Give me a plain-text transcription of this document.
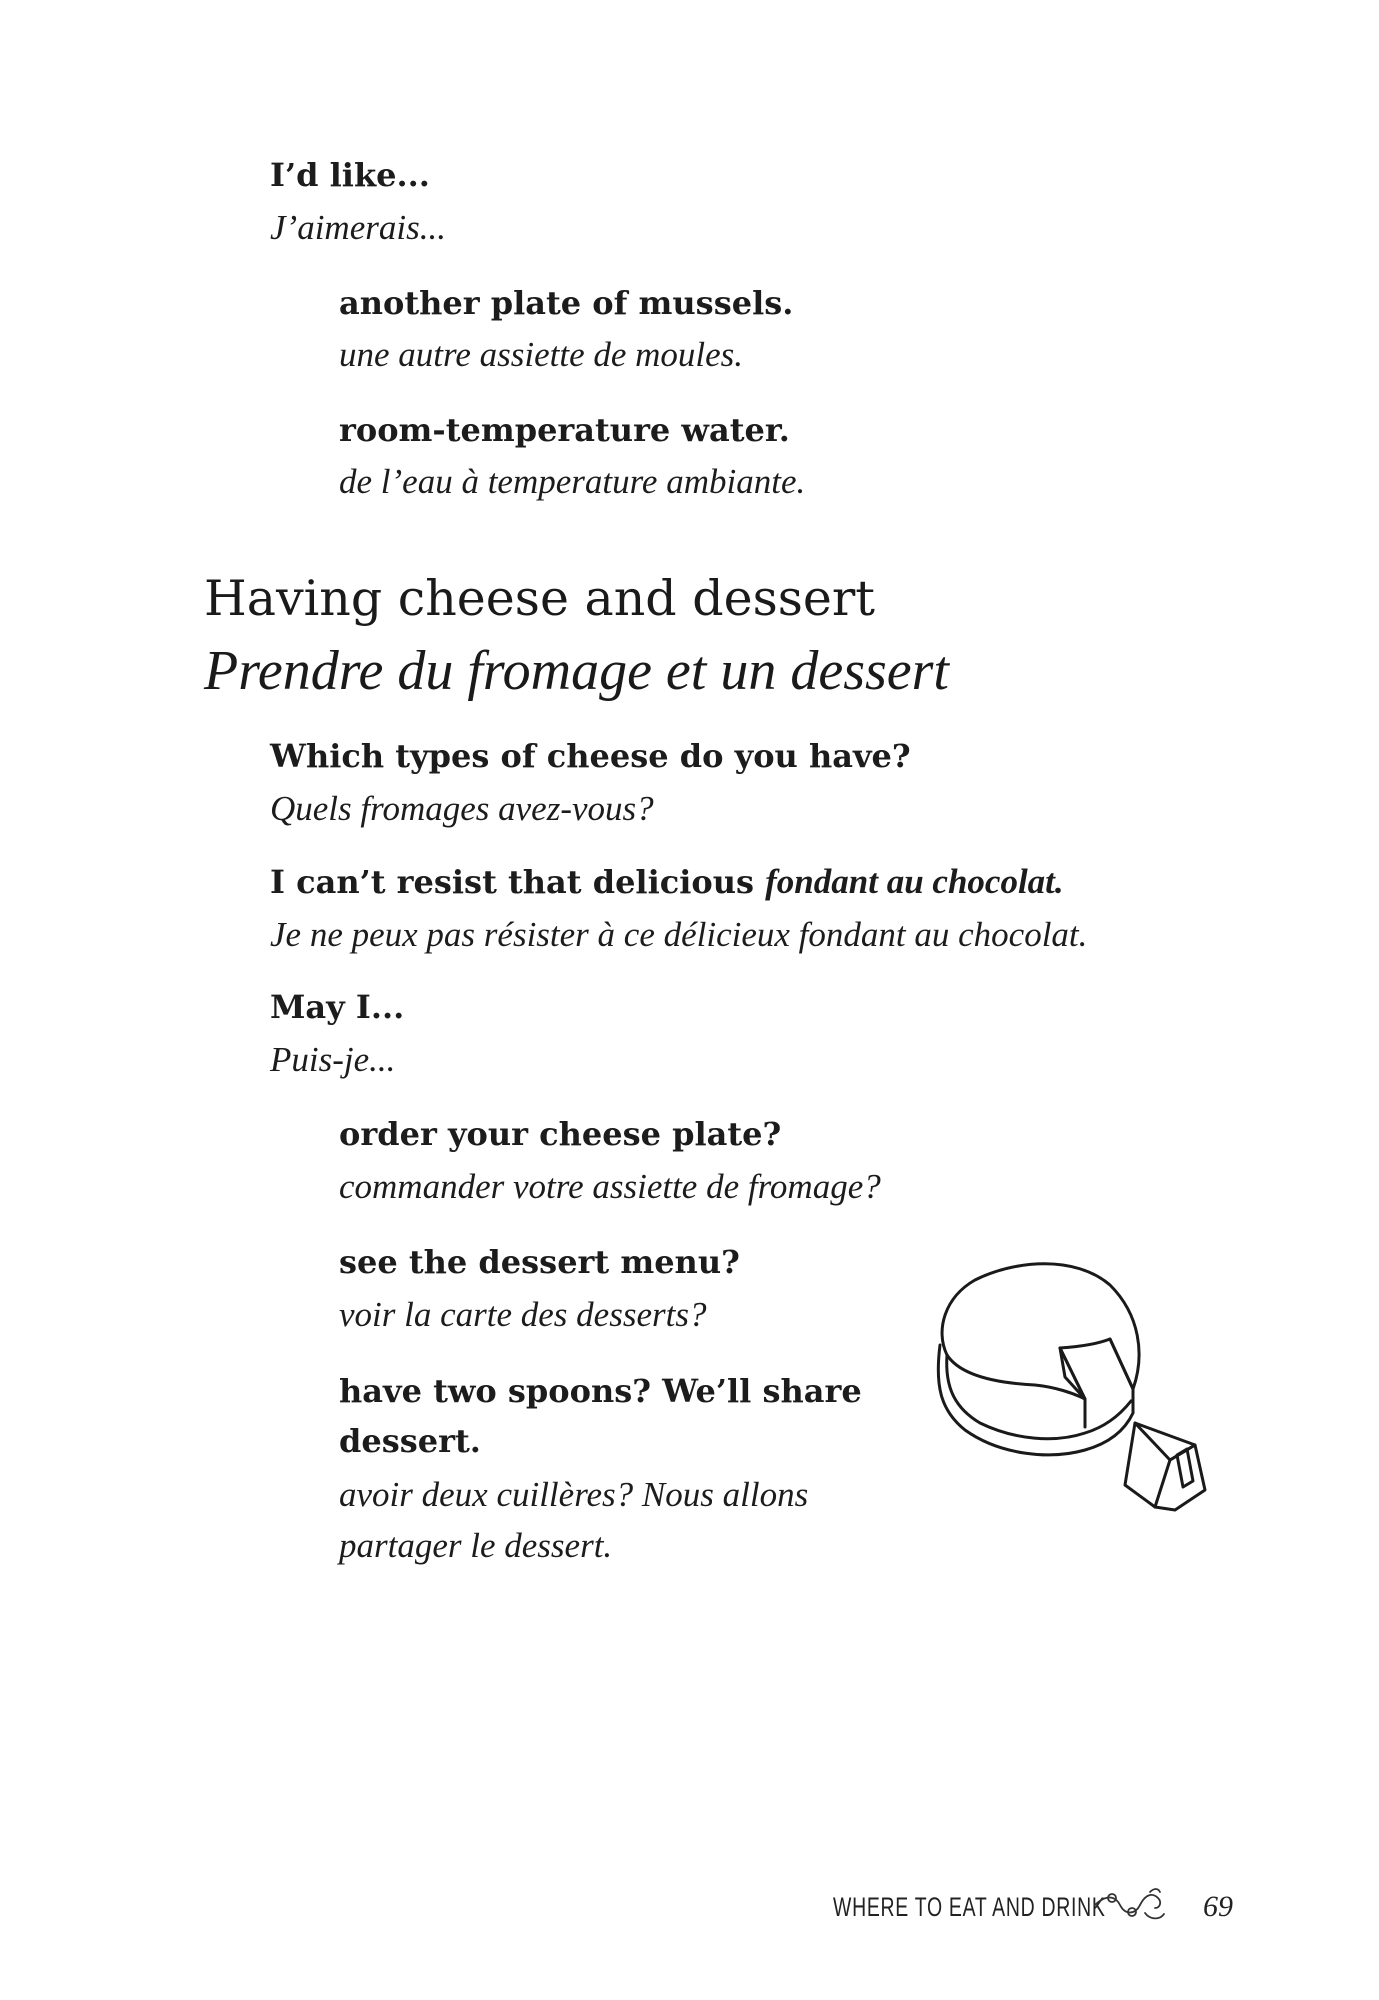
I’d like...
J’aimerais...
another plate of mussels.
une autre assiette de moules.
room-temperature water.
de l’eau à temperature ambiante.
Having cheese and dessert
Prendre du fromage et un dessert
Which types of cheese do you have?
Quels fromages avez-vous?
I can’t resist that delicious fondant au chocolat.
Je ne peux pas résister à ce délicieux fondant au chocolat.
May I...
Puis-je...
order your cheese plate?
commander votre assiette de fromage?
see the dessert menu?
voir la carte des desserts?
have two spoons? We’ll share
dessert.
avoir deux cuillères? Nous allons
partager le dessert.
WHERE TO EAT AND DRINK	69
